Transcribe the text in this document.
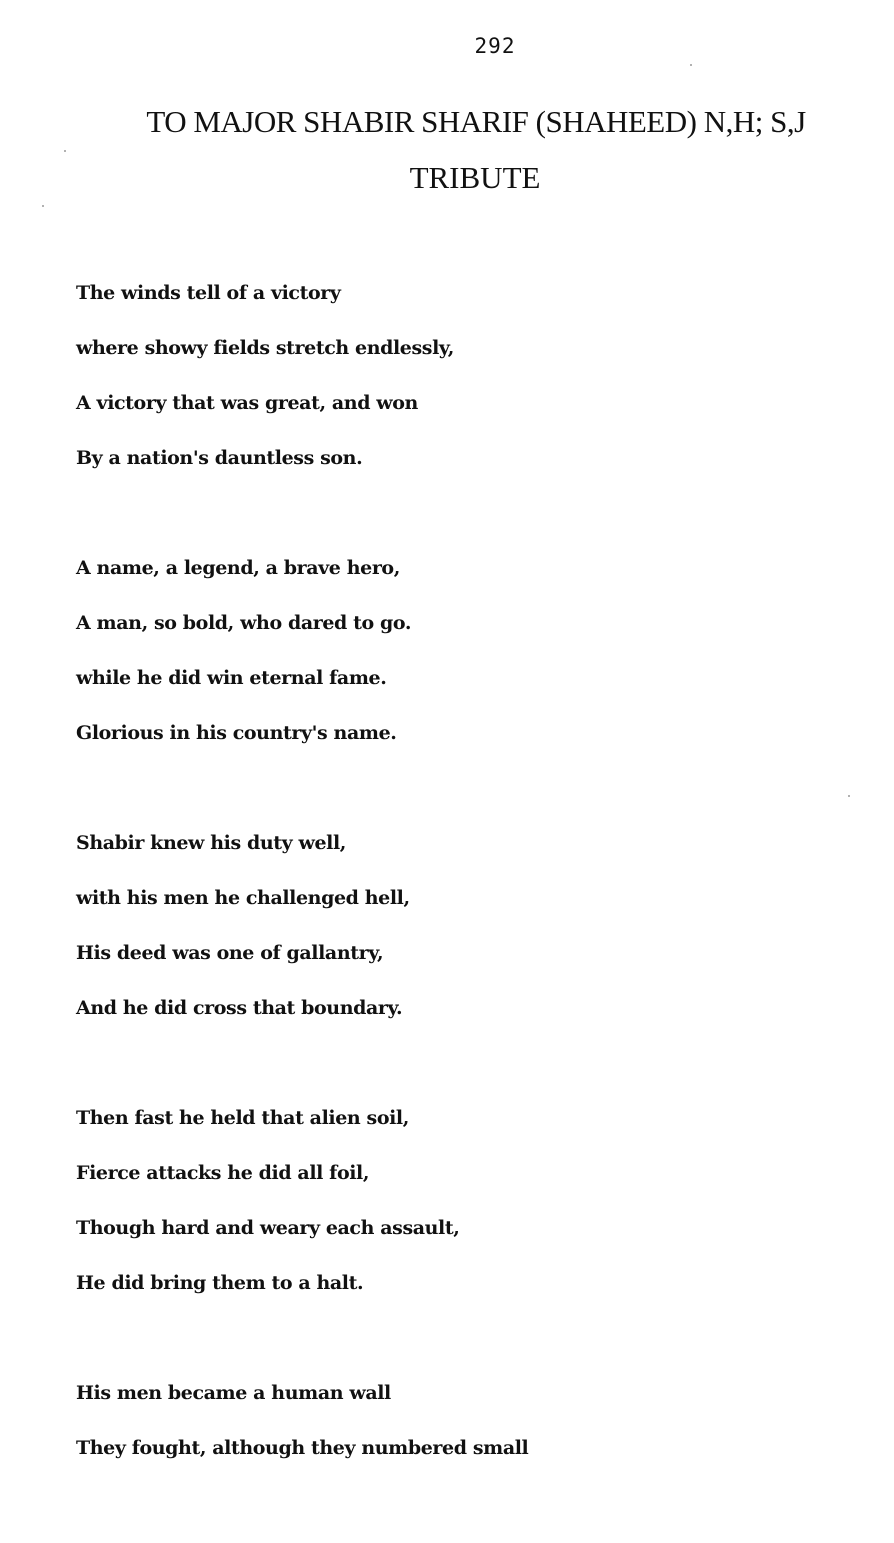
292
TO MAJOR SHABIR SHARIF (SHAHEED) N,H; S,J
TRIBUTE
The winds tell of a victory
where showy fields stretch endlessly,
A victory that was great, and won
By a nation's dauntless son.
A name, a legend, a brave hero,
A man, so bold, who dared to go.
while he did win eternal fame.
Glorious in his country's name.
Shabir knew his duty well,
with his men he challenged hell,
His deed was one of gallantry,
And he did cross that boundary.
Then fast he held that alien soil,
Fierce attacks he did all foil,
Though hard and weary each assault,
He did bring them to a halt.
His men became a human wall
They fought, although they numbered small
